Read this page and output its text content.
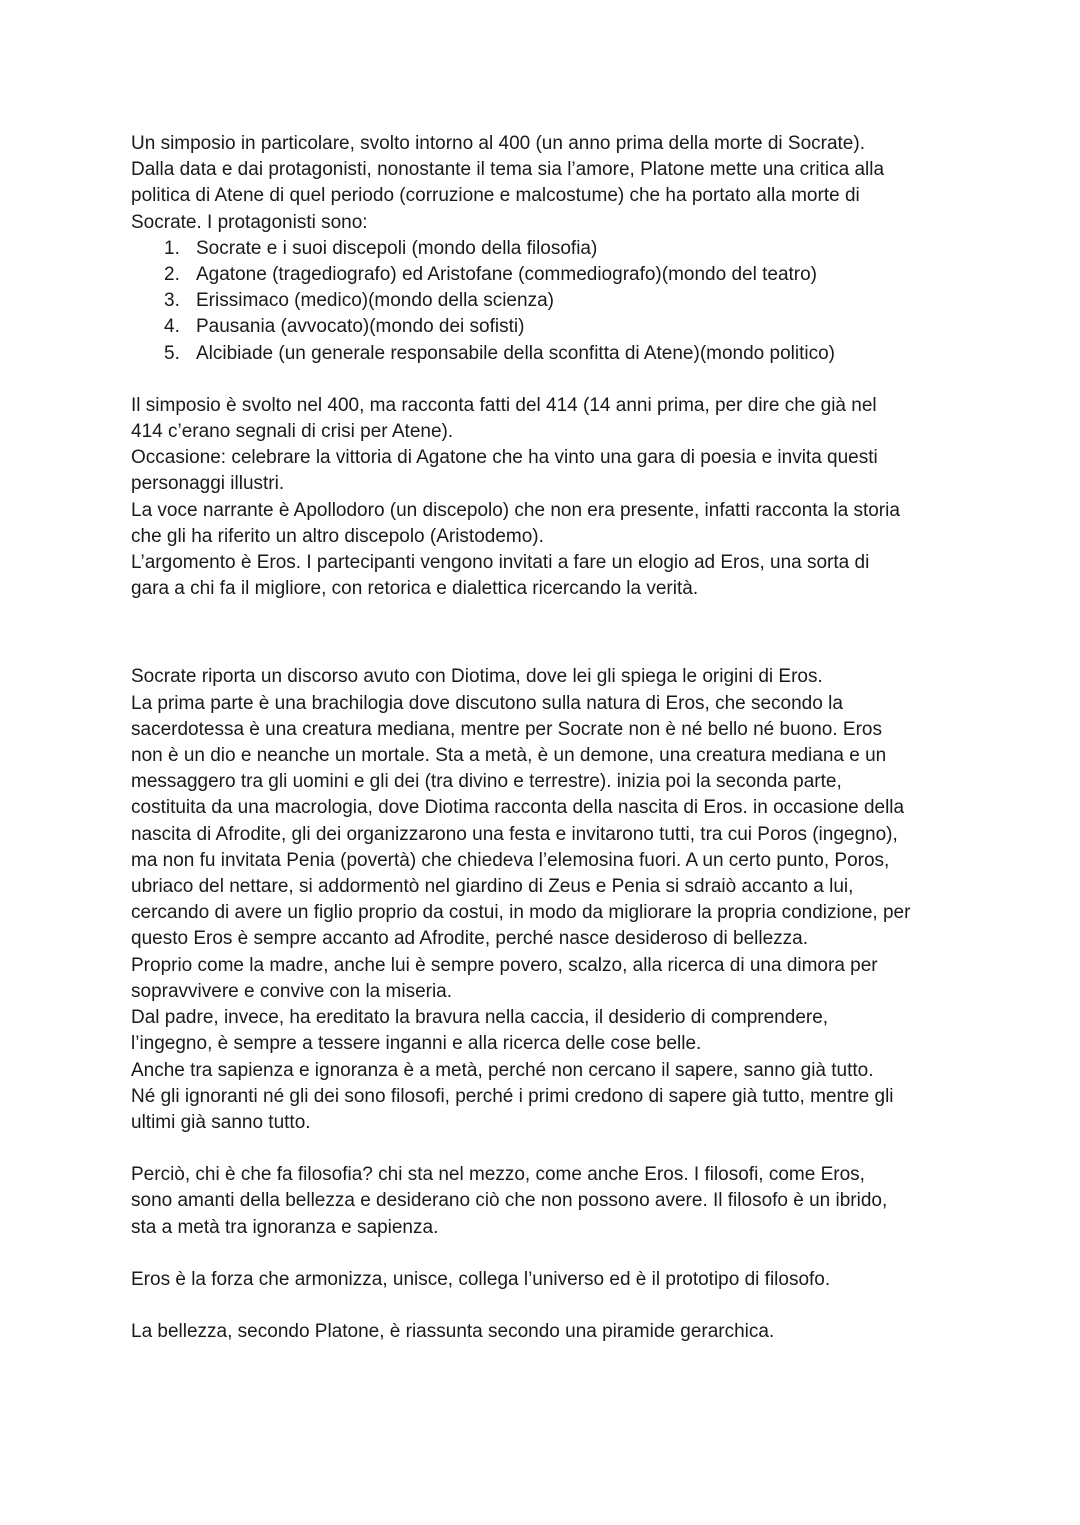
Un simposio in particolare, svolto intorno al 400 (un anno prima della morte di Socrate).

Dalla data e dai protagonisti, nonostante il tema sia l’amore, Platone mette una critica alla

politica di Atene di quel periodo (corruzione e malcostume) che ha portato alla morte di

Socrate. I protagonisti sono:

1. Socrate e i suoi discepoli (mondo della filosofia)
2. Agatone (tragediografo) ed Aristofane (commediografo)(mondo del teatro)
3. Erissimaco (medico)(mondo della scienza)
4. Pausania (avvocato)(mondo dei sofisti)
5. Alcibiade (un generale responsabile della sconfitta di Atene)(mondo politico)

Il simposio è svolto nel 400, ma racconta fatti del 414 (14 anni prima, per dire che già nel

414 c’erano segnali di crisi per Atene).

Occasione: celebrare la vittoria di Agatone che ha vinto una gara di poesia e invita questi

personaggi illustri.

La voce narrante è Apollodoro (un discepolo) che non era presente, infatti racconta la storia

che gli ha riferito un altro discepolo (Aristodemo).

L’argomento è Eros. I partecipanti vengono invitati a fare un elogio ad Eros, una sorta di

gara a chi fa il migliore, con retorica e dialettica ricercando la verità.

Socrate riporta un discorso avuto con Diotima, dove lei gli spiega le origini di Eros.

La prima parte è una brachilogia dove discutono sulla natura di Eros, che secondo la

sacerdotessa è una creatura mediana, mentre per Socrate non è né bello né buono. Eros

non è un dio e neanche un mortale. Sta a metà, è un demone, una creatura mediana e un

messaggero tra gli uomini e gli dei (tra divino e terrestre). inizia poi la seconda parte,

costituita da una macrologia, dove Diotima racconta della nascita di Eros. in occasione della

nascita di Afrodite, gli dei organizzarono una festa e invitarono tutti, tra cui Poros (ingegno),

ma non fu invitata Penia (povertà) che chiedeva l’elemosina fuori. A un certo punto, Poros,

ubriaco del nettare, si addormentò nel giardino di Zeus e Penia si sdraiò accanto a lui,

cercando di avere un figlio proprio da costui, in modo da migliorare la propria condizione, per

questo Eros è sempre accanto ad Afrodite, perché nasce desideroso di bellezza.

Proprio come la madre, anche lui è sempre povero, scalzo, alla ricerca di una dimora per

sopravvivere e convive con la miseria.

Dal padre, invece, ha ereditato la bravura nella caccia, il desiderio di comprendere,

l’ingegno, è sempre a tessere inganni e alla ricerca delle cose belle.

Anche tra sapienza e ignoranza è a metà, perché non cercano il sapere, sanno già tutto.

Né gli ignoranti né gli dei sono filosofi, perché i primi credono di sapere già tutto, mentre gli

ultimi già sanno tutto.

Perciò, chi è che fa filosofia? chi sta nel mezzo, come anche Eros. I filosofi, come Eros,

sono amanti della bellezza e desiderano ciò che non possono avere. Il filosofo è un ibrido,

sta a metà tra ignoranza e sapienza.

Eros è la forza che armonizza, unisce, collega l’universo ed è il prototipo di filosofo.

La bellezza, secondo Platone, è riassunta secondo una piramide gerarchica.
